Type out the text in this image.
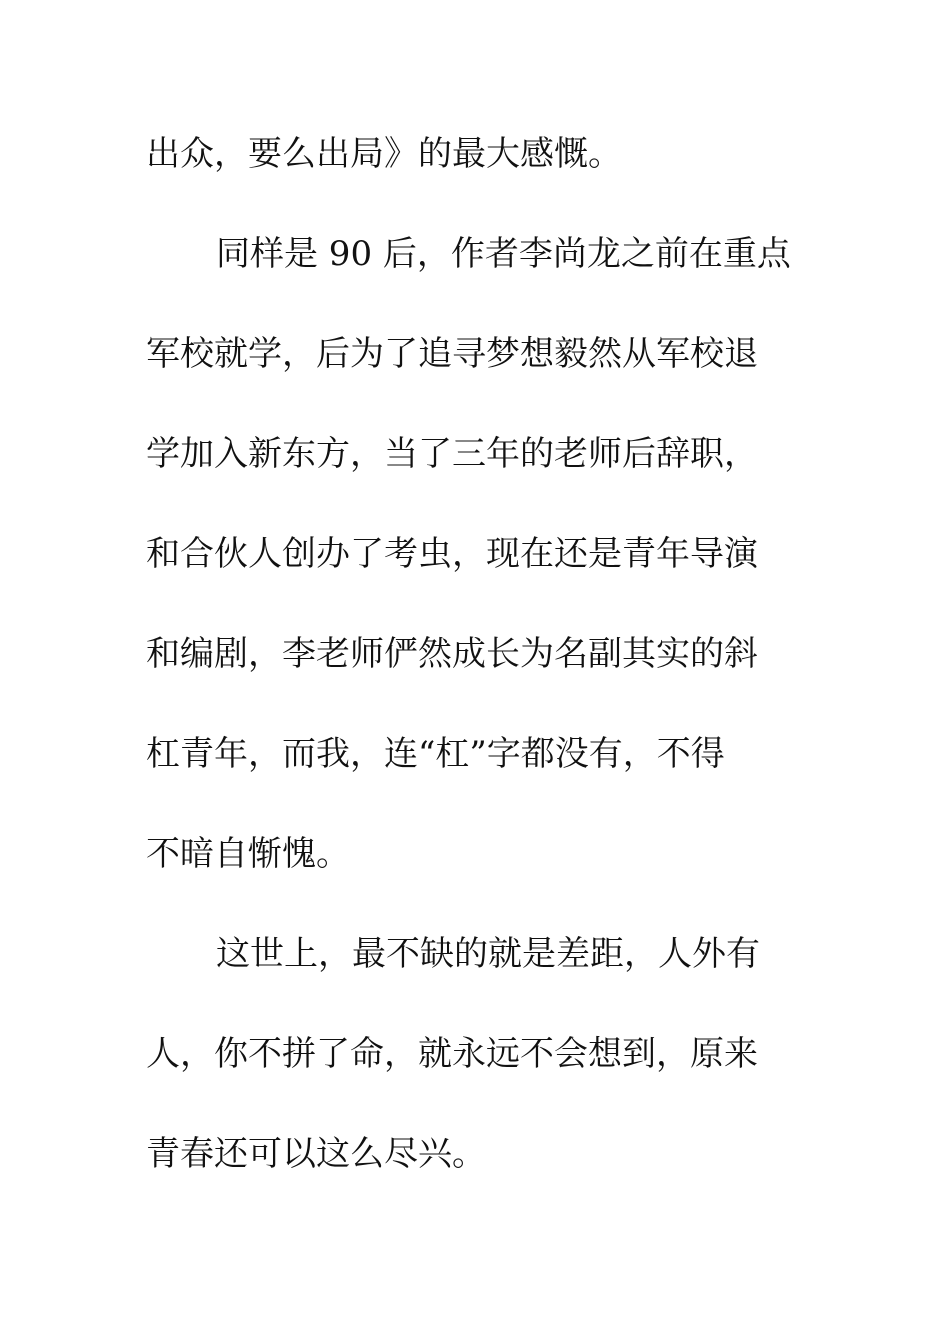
出众，要么出局》的最大感慨。
同样是 90 后，作者李尚龙之前在重点
军校就学，后为了追寻梦想毅然从军校退
学加入新东方，当了三年的老师后辞职，
和合伙人创办了考虫，现在还是青年导演
和编剧，李老师俨然成长为名副其实的斜
杠青年，而我，连“杠”字都没有，不得
不暗自惭愧。
这世上，最不缺的就是差距，人外有
人，你不拼了命，就永远不会想到，原来
青春还可以这么尽兴。
